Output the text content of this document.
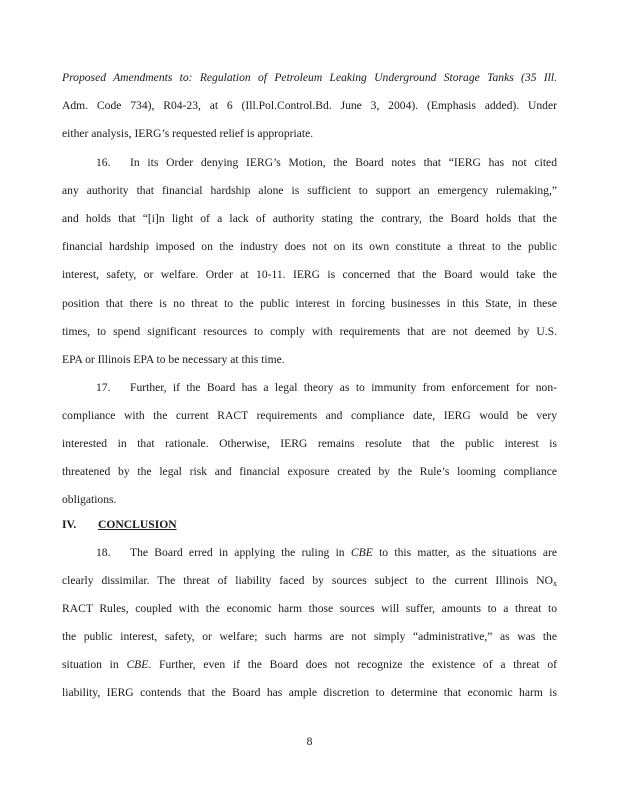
Proposed Amendments to: Regulation of Petroleum Leaking Underground Storage Tanks (35 Ill.
Adm. Code 734), R04-23, at 6 (Ill.Pol.Control.Bd. June 3, 2004). (Emphasis added). Under
either analysis, IERG’s requested relief is appropriate.
16. In its Order denying IERG’s Motion, the Board notes that “IERG has not cited
any authority that financial hardship alone is sufficient to support an emergency rulemaking,”
and holds that “[i]n light of a lack of authority stating the contrary, the Board holds that the
financial hardship imposed on the industry does not on its own constitute a threat to the public
interest, safety, or welfare. Order at 10-11. IERG is concerned that the Board would take the
position that there is no threat to the public interest in forcing businesses in this State, in these
times, to spend significant resources to comply with requirements that are not deemed by U.S.
EPA or Illinois EPA to be necessary at this time.
17. Further, if the Board has a legal theory as to immunity from enforcement for non-
compliance with the current RACT requirements and compliance date, IERG would be very
interested in that rationale. Otherwise, IERG remains resolute that the public interest is
threatened by the legal risk and financial exposure created by the Rule’s looming compliance
obligations.
IV. CONCLUSION
18. The Board erred in applying the ruling in CBE to this matter, as the situations are
clearly dissimilar. The threat of liability faced by sources subject to the current Illinois $NO_x$
RACT Rules, coupled with the economic harm those sources will suffer, amounts to a threat to
the public interest, safety, or welfare; such harms are not simply “administrative,” as was the
situation in CBE. Further, even if the Board does not recognize the existence of a threat of
liability, IERG contends that the Board has ample discretion to determine that economic harm is
8
